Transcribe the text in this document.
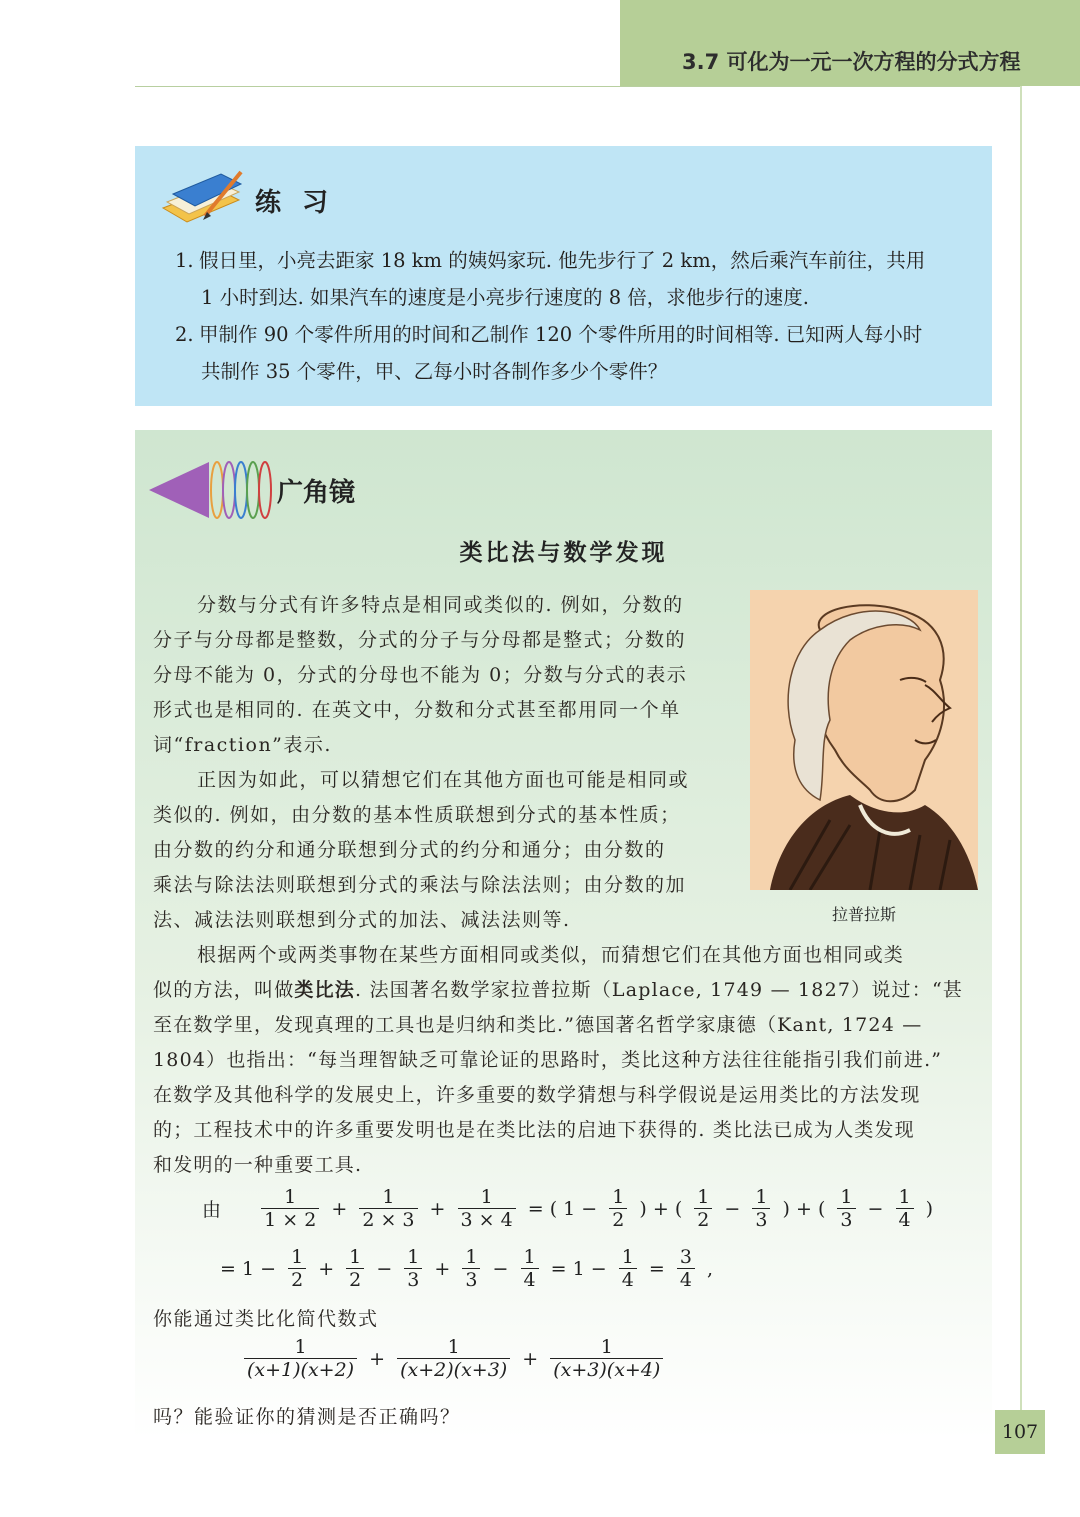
3.7 可化为一元一次方程的分式方程
练 习
1. 假日里，小亮去距家 18 km 的姨妈家玩. 他先步行了 2 km，然后乘汽车前往，共用
1 小时到达. 如果汽车的速度是小亮步行速度的 8 倍，求他步行的速度.
2. 甲制作 90 个零件所用的时间和乙制作 120 个零件所用的时间相等. 已知两人每小时
共制作 35 个零件，甲、乙每小时各制作多少个零件？
广角镜
类比法与数学发现
分数与分式有许多特点是相同或类似的. 例如，分数的
分子与分母都是整数，分式的分子与分母都是整式；分数的
分母不能为 0，分式的分母也不能为 0；分数与分式的表示
形式也是相同的. 在英文中，分数和分式甚至都用同一个单
词“fraction”表示.
正因为如此，可以猜想它们在其他方面也可能是相同或
类似的. 例如，由分数的基本性质联想到分式的基本性质；
由分数的约分和通分联想到分式的约分和通分；由分数的
乘法与除法法则联想到分式的乘法与除法法则；由分数的加
法、减法法则联想到分式的加法、减法法则等.	拉普拉斯
根据两个或两类事物在某些方面相同或类似，而猜想它们在其他方面也相同或类
似的方法，叫做类比法. 法国著名数学家拉普拉斯（Laplace, 1749 — 1827）说过：“甚
至在数学里，发现真理的工具也是归纳和类比.”德国著名哲学家康德（Kant, 1724 —
1804）也指出：“每当理智缺乏可靠论证的思路时，类比这种方法往往能指引我们前进.”
在数学及其他科学的发展史上，许多重要的数学猜想与科学假说是运用类比的方法发现
的；工程技术中的许多重要发明也是在类比法的启迪下获得的. 类比法已成为人类发现
和发明的一种重要工具.
由 $\frac{1}{1 \times 2} + \frac{1}{2 \times 3} + \frac{1}{3 \times 4}$ = ( $1 - \frac{1}{2}$ ) + ( $\frac{1}{2} - \frac{1}{3}$ ) + ( $\frac{1}{3} - \frac{1}{4}$ )
= $1 - \frac{1}{2} + \frac{1}{2} - \frac{1}{3} + \frac{1}{3} - \frac{1}{4} = 1 - \frac{1}{4} = \frac{3}{4}$ ,
你能通过类比化简代数式
$\frac{1}{(x+1)(x+2)} + \frac{1}{(x+2)(x+3)} + \frac{1}{(x+3)(x+4)}$
吗？能验证你的猜测是否正确吗？
107
